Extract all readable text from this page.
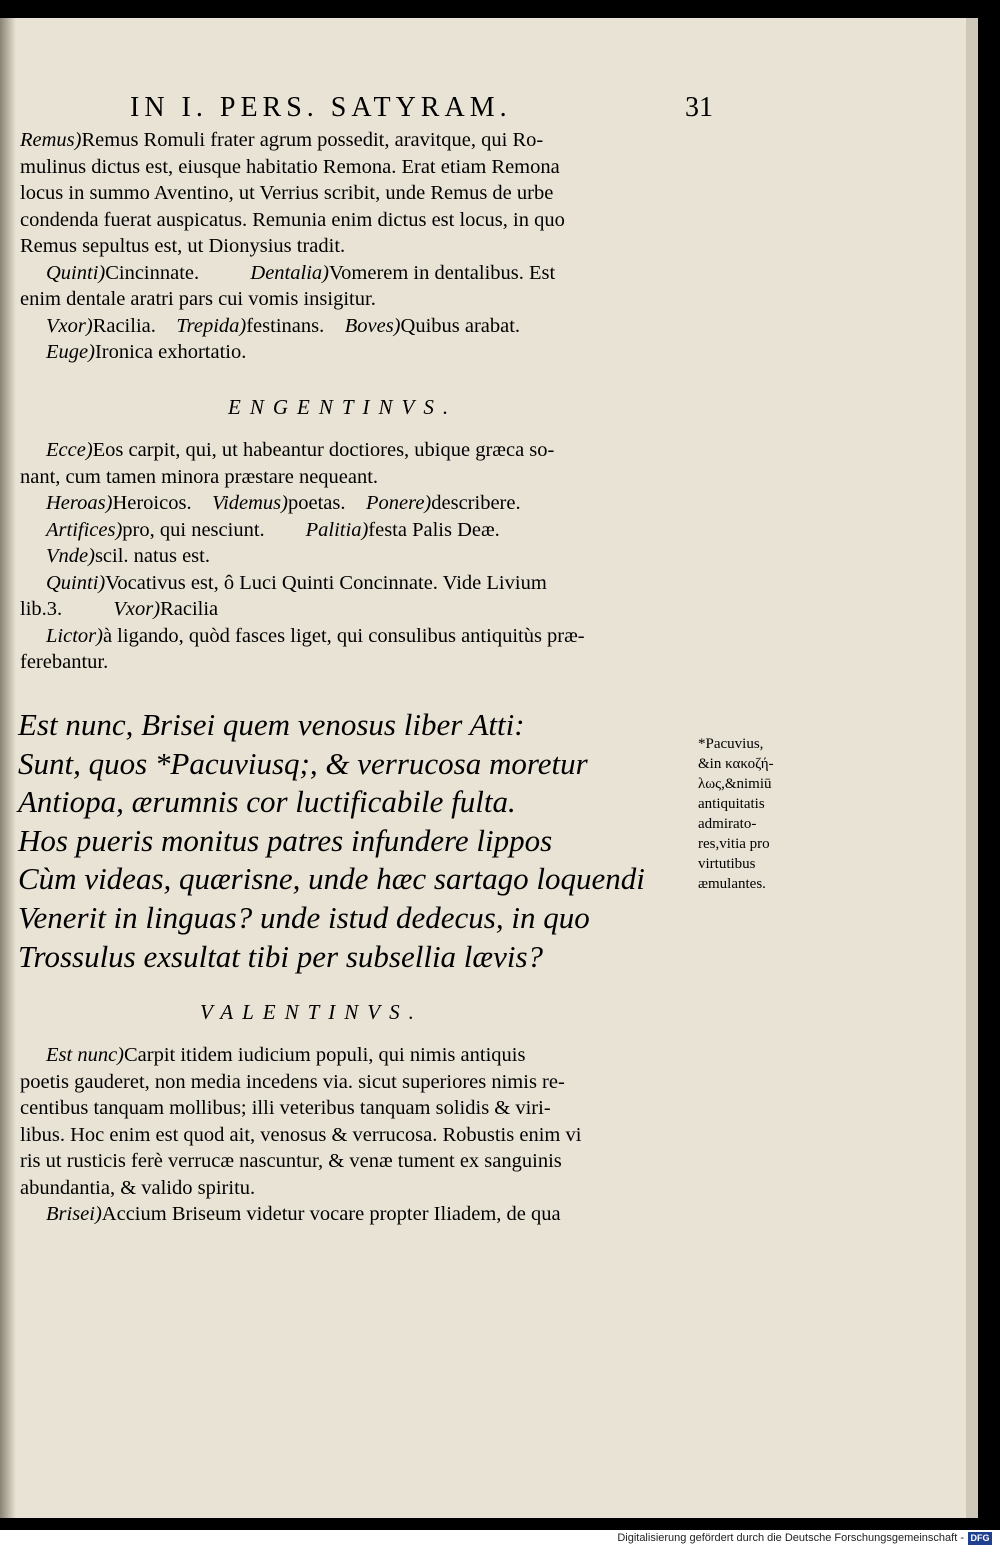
IN I. PERS. SATYRAM.	31

Remus)Remus Romuli frater agrum possedit, aravitque, qui Ro-

mulinus dictus est, eiusque habitatio Remona. Erat etiam Remona

locus in summo Aventino, ut Verrius scribit, unde Remus de urbe

condenda fuerat auspicatus. Remunia enim dictus est locus, in quo

Remus sepultus est, ut Dionysius tradit.

Quinti)Cincinnate.	Dentalia)Vomerem in dentalibus. Est

enim dentale aratri pars cui vomis insigitur.

Vxor)Racilia. Trepida)festinans. Boves)Quibus arabat.

Euge)Ironica exhortatio.

ENGENTINVS.

Ecce)Eos carpit, qui, ut habeantur doctiores, ubique græca so-

nant, cum tamen minora præstare nequeant.

Heroas)Heroicos. Videmus)poetas. Ponere)describere.

Artifices)pro, qui nesciunt. Palitia)festa Palis Deæ.

Vnde)scil. natus est.

Quinti)Vocativus est, ô Luci Quinti Concinnate. Vide Livium

lib.3.	Vxor)Racilia

Lictor)à ligando, quòd fasces liget, qui consulibus antiquitùs præ-

ferebantur.

Est nunc, Brisei quem venosus liber Atti:

Sunt, quos *Pacuviusq;, & verrucosa moretur

Antiopa, ærumnis cor luctificabile fulta.

Hos pueris monitus patres infundere lippos

Cùm videas, quærisne, unde hæc sartago loquendi

Venerit in linguas? unde istud dedecus, in quo

Trossulus exsultat tibi per subsellia lævis?

*Pacuvius,

&in κακοζή-

λως,&nimiū

antiquitatis

admirato-

res,vitia pro

virtutibus

æmulantes.

VALENTINVS.

Est nunc)Carpit itidem iudicium populi, qui nimis antiquis

poetis gauderet, non media incedens via. sicut superiores nimis re-

centibus tanquam mollibus; illi veteribus tanquam solidis & viri-

libus. Hoc enim est quod ait, venosus & verrucosa. Robustis enim vi

ris ut rusticis ferè verrucæ nascuntur, & venæ tument ex sanguinis

abundantia, & valido spiritu.

Brisei)Accium Briseum videtur vocare propter Iliadem, de qua

Digitalisierung gefördert durch die Deutsche Forschungsgemeinschaft - DFG
